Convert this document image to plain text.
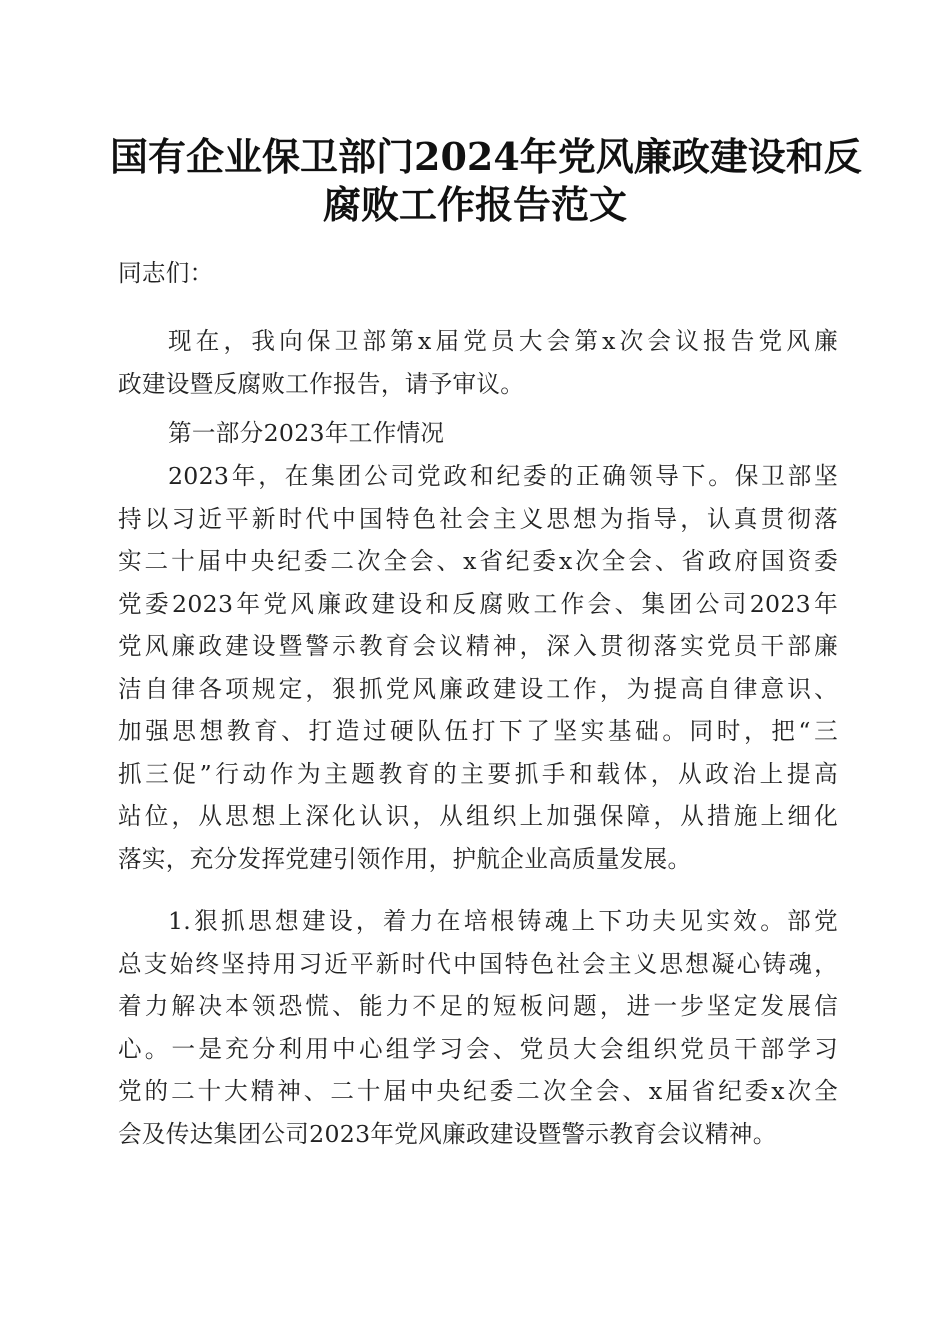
国有企业保卫部门2024年党风廉政建设和反
腐败工作报告范文
同志们：
现在，我向保卫部第x届党员大会第x次会议报告党风廉
政建设暨反腐败工作报告，请予审议。
第一部分2023年工作情况
2023年，在集团公司党政和纪委的正确领导下。保卫部坚
持以习近平新时代中国特色社会主义思想为指导，认真贯彻落
实二十届中央纪委二次全会、x省纪委x次全会、省政府国资委
党委2023年党风廉政建设和反腐败工作会、集团公司2023年
党风廉政建设暨警示教育会议精神，深入贯彻落实党员干部廉
洁自律各项规定，狠抓党风廉政建设工作，为提高自律意识、
加强思想教育、打造过硬队伍打下了坚实基础。同时，把“三
抓三促”行动作为主题教育的主要抓手和载体，从政治上提高
站位，从思想上深化认识，从组织上加强保障，从措施上细化
落实，充分发挥党建引领作用，护航企业高质量发展。
1.狠抓思想建设，着力在培根铸魂上下功夫见实效。部党
总支始终坚持用习近平新时代中国特色社会主义思想凝心铸魂，
着力解决本领恐慌、能力不足的短板问题，进一步坚定发展信
心。一是充分利用中心组学习会、党员大会组织党员干部学习
党的二十大精神、二十届中央纪委二次全会、x届省纪委x次全
会及传达集团公司2023年党风廉政建设暨警示教育会议精神。
